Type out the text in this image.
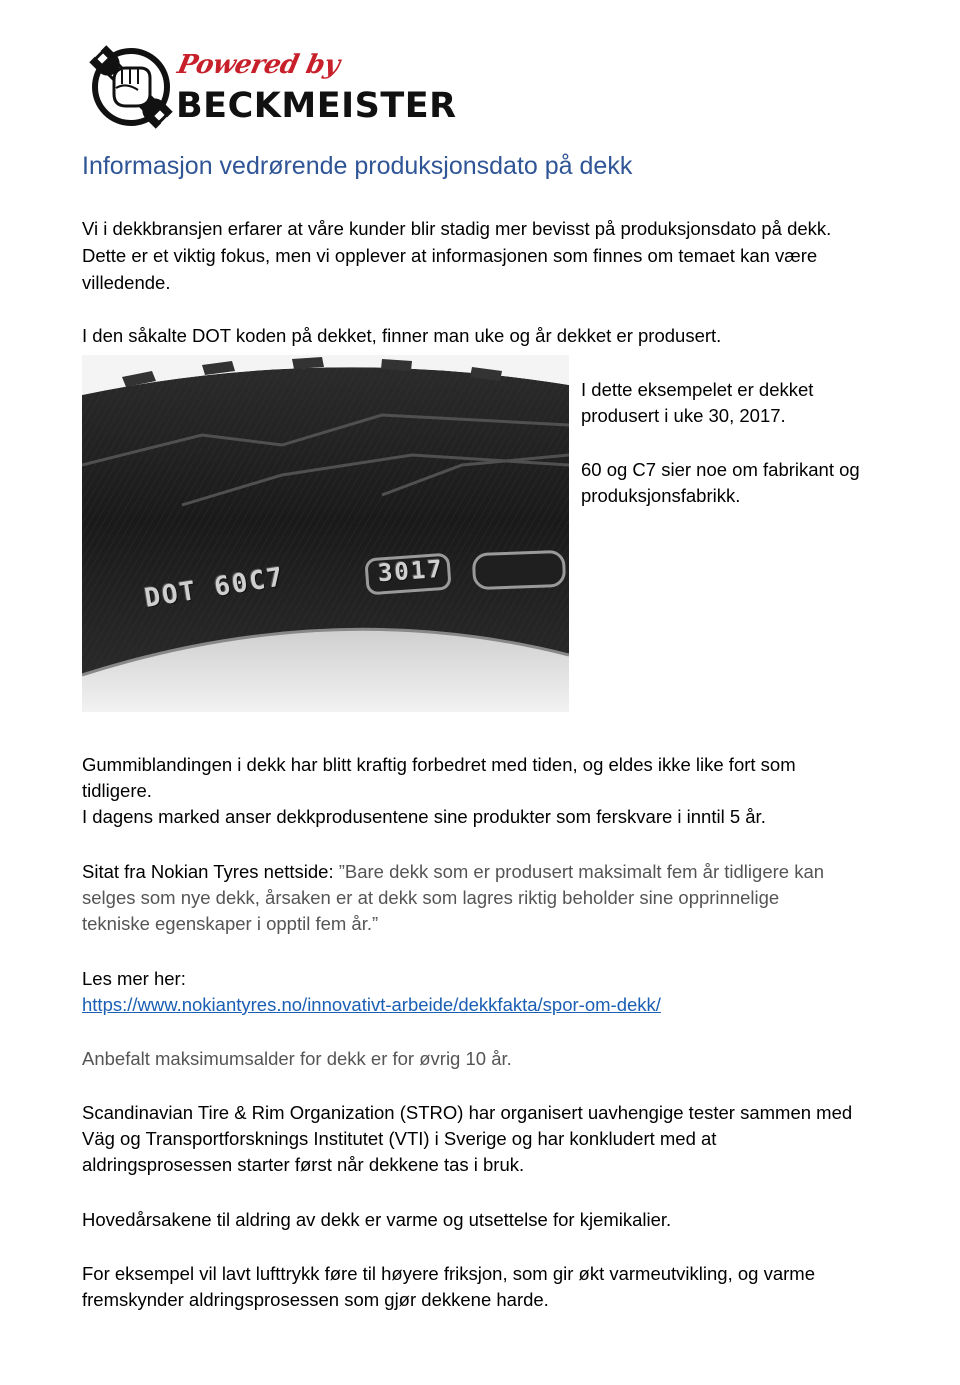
Powered by
BECKMEISTER
Informasjon vedrørende produksjonsdato på dekk

Vi i dekkbransjen erfarer at våre kunder blir stadig mer bevisst på produksjonsdato på dekk.

Dette er et viktig fokus, men vi opplever at informasjonen som finnes om temaet kan være

villedende.

I den såkalte DOT koden på dekket, finner man uke og år dekket er produsert.

DOT 60C7	3017

I dette eksempelet er dekket

produsert i uke 30, 2017.

60 og C7 sier noe om fabrikant og

produksjonsfabrikk.

Gummiblandingen i dekk har blitt kraftig forbedret med tiden, og eldes ikke like fort som

tidligere.

I dagens marked anser dekkprodusentene sine produkter som ferskvare i inntil 5 år.

Sitat fra Nokian Tyres nettside: ”Bare dekk som er produsert maksimalt fem år tidligere kan

selges som nye dekk, årsaken er at dekk som lagres riktig beholder sine opprinnelige

tekniske egenskaper i opptil fem år.”

Les mer her:

https://www.nokiantyres.no/innovativt-arbeide/dekkfakta/spor-om-dekk/

Anbefalt maksimumsalder for dekk er for øvrig 10 år.

Scandinavian Tire & Rim Organization (STRO) har organisert uavhengige tester sammen med

Väg og Transportforsknings Institutet (VTI) i Sverige og har konkludert med at

aldringsprosessen starter først når dekkene tas i bruk.

Hovedårsakene til aldring av dekk er varme og utsettelse for kjemikalier.

For eksempel vil lavt lufttrykk føre til høyere friksjon, som gir økt varmeutvikling, og varme

fremskynder aldringsprosessen som gjør dekkene harde.
